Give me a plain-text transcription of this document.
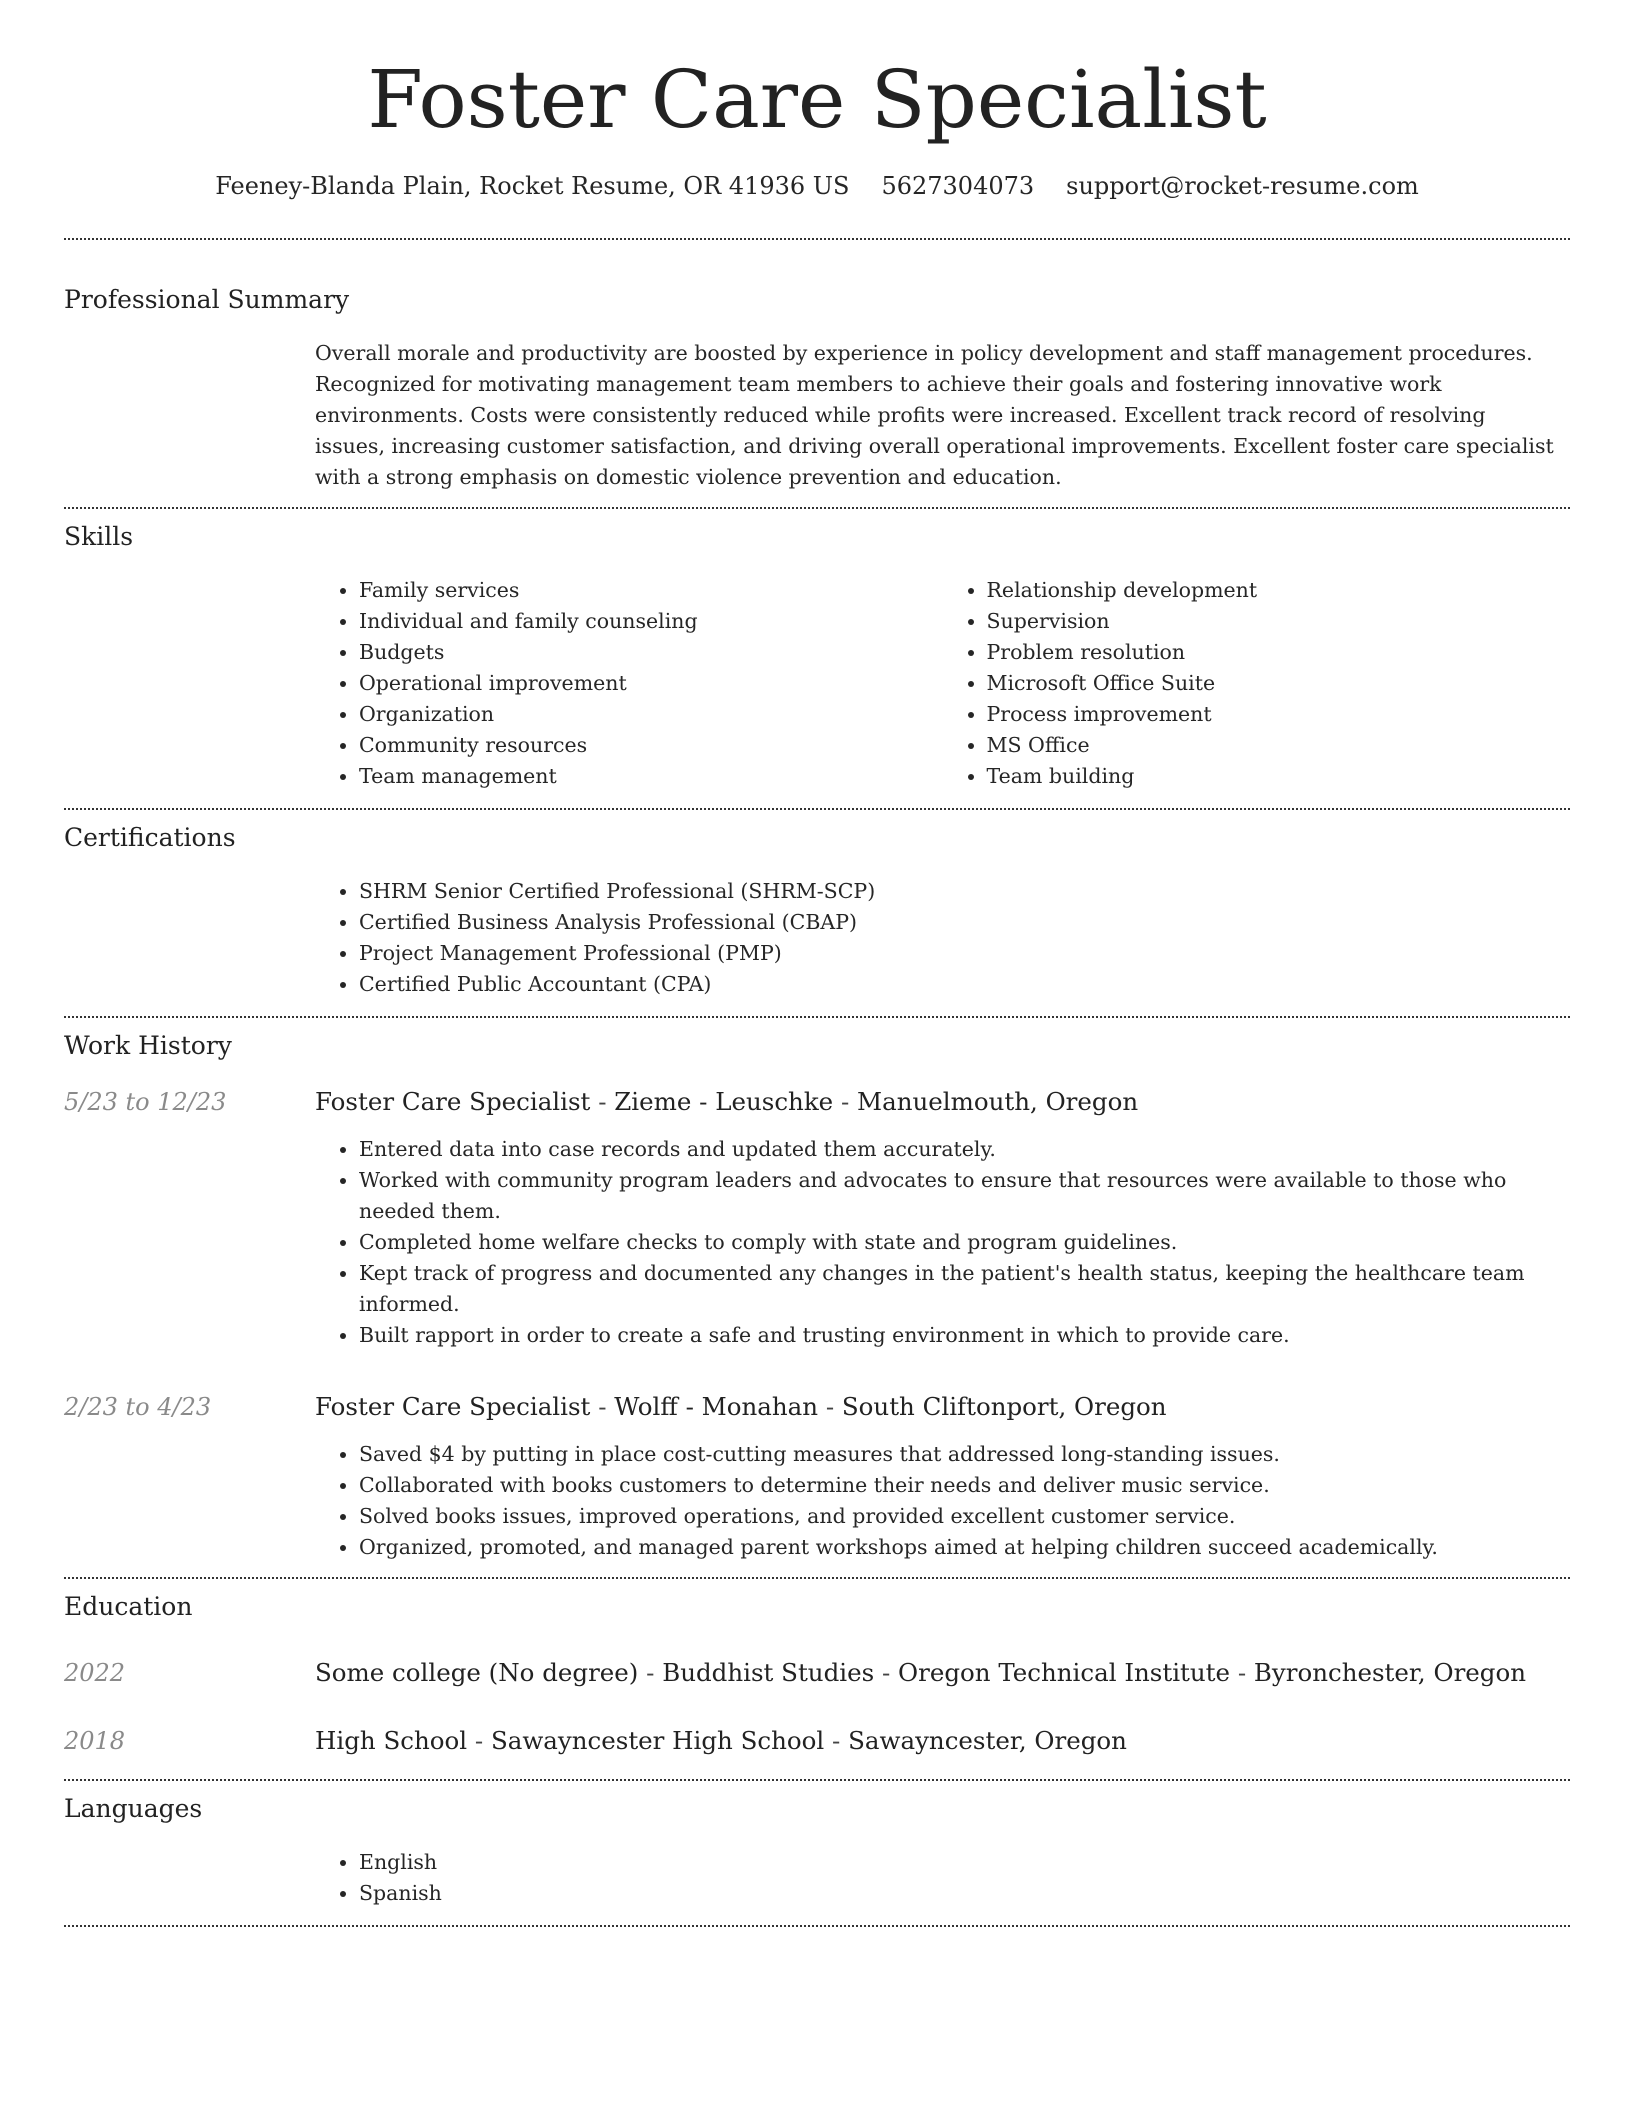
Foster Care Specialist
Feeney-Blanda Plain, Rocket Resume, OR 41936 US 5627304073 support@rocket-resume.com
Professional Summary
Overall morale and productivity are boosted by experience in policy development and staff management procedures. Recognized for motivating management team members to achieve their goals and fostering innovative work environments. Costs were consistently reduced while profits were increased. Excellent track record of resolving issues, increasing customer satisfaction, and driving overall operational improvements. Excellent foster care specialist with a strong emphasis on domestic violence prevention and education.
Skills
• Family services
• Individual and family counseling
• Budgets
• Operational improvement
• Organization
• Community resources
• Team management
• Relationship development
• Supervision
• Problem resolution
• Microsoft Office Suite
• Process improvement
• MS Office
• Team building
Certifications
• SHRM Senior Certified Professional (SHRM-SCP)
• Certified Business Analysis Professional (CBAP)
• Project Management Professional (PMP)
• Certified Public Accountant (CPA)
Work History
5/23 to 12/23	Foster Care Specialist - Zieme - Leuschke - Manuelmouth, Oregon
• Entered data into case records and updated them accurately.
• Worked with community program leaders and advocates to ensure that resources were available to those who needed them.
• Completed home welfare checks to comply with state and program guidelines.
• Kept track of progress and documented any changes in the patient's health status, keeping the healthcare team informed.
• Built rapport in order to create a safe and trusting environment in which to provide care.
2/23 to 4/23	Foster Care Specialist - Wolff - Monahan - South Cliftonport, Oregon
• Saved $4 by putting in place cost-cutting measures that addressed long-standing issues.
• Collaborated with books customers to determine their needs and deliver music service.
• Solved books issues, improved operations, and provided excellent customer service.
• Organized, promoted, and managed parent workshops aimed at helping children succeed academically.
Education
2022	Some college (No degree) - Buddhist Studies - Oregon Technical Institute - Byronchester, Oregon
2018	High School - Sawayncester High School - Sawayncester, Oregon
Languages
• English
• Spanish
